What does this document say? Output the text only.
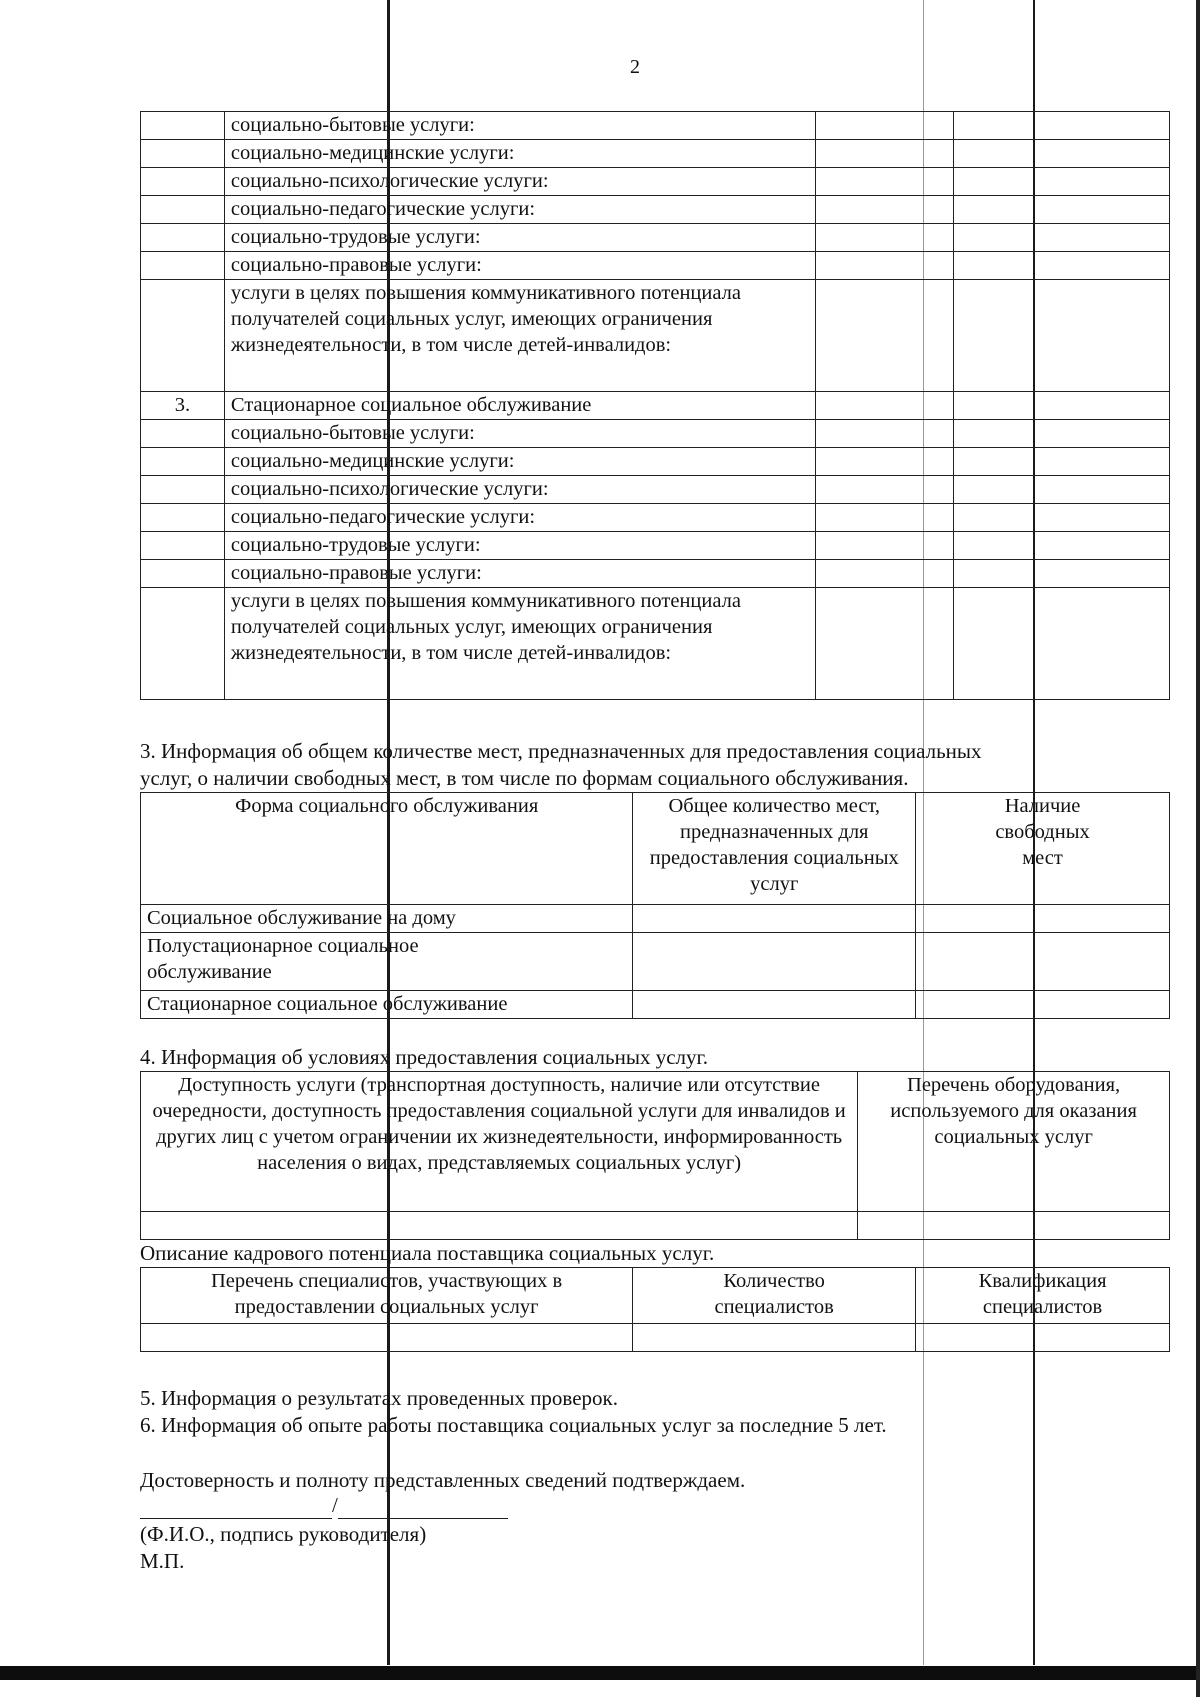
2
	социально-бытовые услуги:		
	социально-медицинские услуги:		
	социально-психологические услуги:		
	социально-педагогические услуги:		
	социально-трудовые услуги:		
	социально-правовые услуги:		
	услуги в целях повышения коммуникативного потенциала получателей социальных услуг, имеющих ограничения жизнедеятельности, в том числе детей-инвалидов:		
3.	Стационарное социальное обслуживание		
	социально-бытовые услуги:		
	социально-медицинские услуги:		
	социально-психологические услуги:		
	социально-педагогические услуги:		
	социально-трудовые услуги:		
	социально-правовые услуги:		
	услуги в целях повышения коммуникативного потенциала получателей социальных услуг, имеющих ограничения жизнедеятельности, в том числе детей-инвалидов:		
3. Информация об общем количестве мест, предназначенных для предоставления социальных
услуг, о наличии свободных мест, в том числе по формам социального обслуживания.
Форма социального обслуживания	Общее количество мест, предназначенных для предоставления социальных услуг	Наличие свободных мест
Социальное обслуживание на дому		
Полустационарное социальное обслуживание		
Стационарное социальное обслуживание		
4. Информация об условиях предоставления социальных услуг.
Доступность услуги (транспортная доступность, наличие или отсутствие очередности, доступность предоставления социальной услуги для инвалидов и других лиц с учетом ограничении их жизнедеятельности, информированность населения о видах, представляемых социальных услуг)	Перечень оборудования, используемого для оказания социальных услуг

Описание кадрового потенциала поставщика социальных услуг.
Перечень специалистов, участвующих в предоставлении социальных услуг	Количество специалистов	Квалификация специалистов

5. Информация о результатах проведенных проверок.
6. Информация об опыте работы поставщика социальных услуг за последние 5 лет.
Достоверность и полноту представленных сведений подтверждаем.
/
(Ф.И.О., подпись руководителя)
М.П.
